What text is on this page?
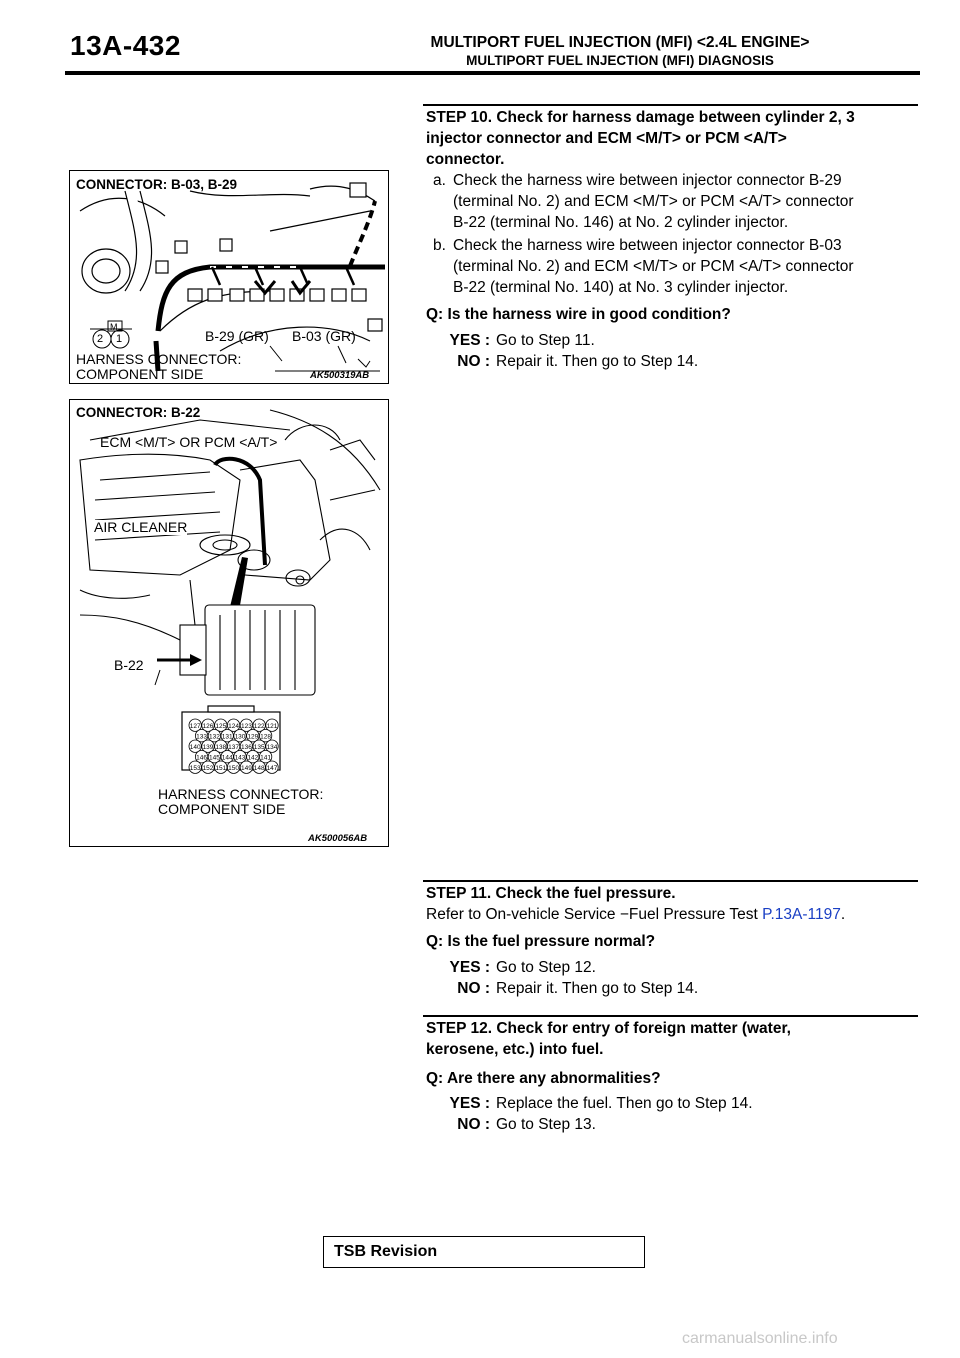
13A-432	MULTIPORT FUEL INJECTION (MFI) <2.4L ENGINE>
MULTIPORT FUEL INJECTION (MFI) DIAGNOSIS
CONNECTOR: B-03, B-29
2 1
M
B-29 (GR) B-03 (GR)
HARNESS CONNECTOR:
COMPONENT SIDE	AK500319AB
127 126 125 124 123 122 121
133 132 131 130 129 128
140 139 138 137 136 135 134
146 145 144 143 142 141
153 152 151 150 149 148 147
CONNECTOR: B-22
ECM <M/T> OR PCM <A/T>
AIR CLEANER
B-22
HARNESS CONNECTOR:
COMPONENT SIDE
AK500056AB
STEP 10. Check for harness damage between cylinder 2, 3
injector connector and ECM <M/T> or PCM <A/T>
connector.
a. Check the harness wire between injector connector B-29
(terminal No. 2) and ECM <M/T> or PCM <A/T> connector
B-22 (terminal No. 146) at No. 2 cylinder injector.
b. Check the harness wire between injector connector B-03
(terminal No. 2) and ECM <M/T> or PCM <A/T> connector
B-22 (terminal No. 140) at No. 3 cylinder injector.
Q: Is the harness wire in good condition?
YES : Go to Step 11.
NO : Repair it. Then go to Step 14.
STEP 11. Check the fuel pressure.
Refer to On-vehicle Service −Fuel Pressure Test P.13A-1197.
Q: Is the fuel pressure normal?
YES : Go to Step 12.
NO : Repair it. Then go to Step 14.
STEP 12. Check for entry of foreign matter (water,
kerosene, etc.) into fuel.
Q: Are there any abnormalities?
YES : Replace the fuel. Then go to Step 14.
NO : Go to Step 13.
TSB Revision
carmanualsonline.info
